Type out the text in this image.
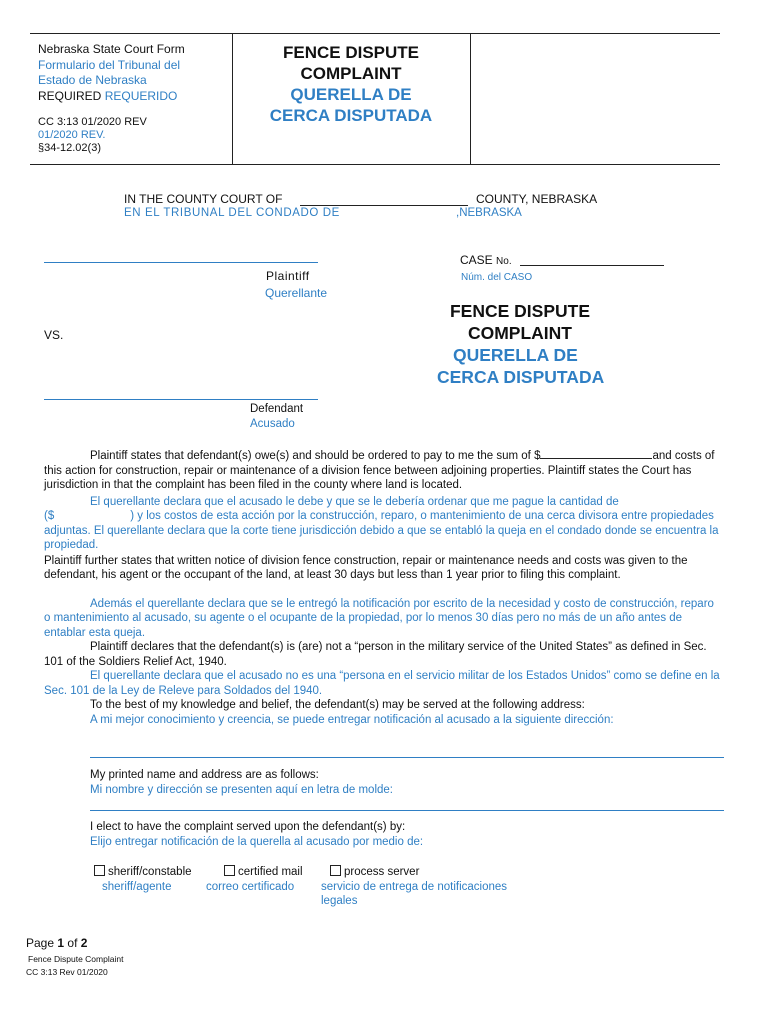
Nebraska State Court Form
Formulario del Tribunal del
Estado de Nebraska
REQUIRED REQUERIDO
CC 3:13 01/2020 REV
01/2020 REV.
§34-12.02(3)
FENCE DISPUTE
COMPLAINT
QUERELLA DE
CERCA DISPUTADA
IN THE COUNTY COURT OF	COUNTY, NEBRASKA
EN EL TRIBUNAL DEL CONDADO DE	,NEBRASKA
Plaintiff
Querellante
CASE No.
Núm. del CASO
VS.
FENCE DISPUTE
COMPLAINT
QUERELLA DE
CERCA DISPUTADA
Defendant
Acusado

Plaintiff states that defendant(s) owe(s) and should be ordered to pay to me the sum of $	and costs of this action for construction, repair or maintenance of a division fence between adjoining properties. Plaintiff states the Court has jurisdiction in that the complaint has been filed in the county where land is located.

El querellante declara que el acusado le debe y que se le debería ordenar que me pague la cantidad de

($	) y los costos de esta acción por la construcción, reparo, o mantenimiento de una cerca divisora entre propiedades adjuntas. El querellante declara que la corte tiene jurisdicción debido a que se entabló la queja en el condado donde se encuentra la propiedad.

Plaintiff further states that written notice of division fence construction, repair or maintenance needs and costs was given to the defendant, his agent or the occupant of the land, at least 30 days but less than 1 year prior to filing this complaint.

Además el querellante declara que se le entregó la notificación por escrito de la necesidad y costo de construcción, reparo o mantenimiento al acusado, su agente o el ocupante de la propiedad, por lo menos 30 días pero no más de un año antes de entablar esta queja.

Plaintiff declares that the defendant(s) is (are) not a “person in the military service of the United States” as defined in Sec. 101 of the Soldiers Relief Act, 1940.

El querellante declara que el acusado no es una “persona en el servicio militar de los Estados Unidos” como se define en la Sec. 101 de la Ley de Releve para Soldados del 1940.

To the best of my knowledge and belief, the defendant(s) may be served at the following address:

A mi mejor conocimiento y creencia, se puede entregar notificación al acusado a la siguiente dirección:

My printed name and address are as follows:
Mi nombre y dirección se presenten aquí en letra de molde:
I elect to have the complaint served upon the defendant(s) by:
Elijo entregar notificación de la querella al acusado por medio de:
sheriff/constable
sheriff/agente
certified mail
correo certificado
process server
servicio de entrega de notificaciones legales
Page 1 of 2
Fence Dispute Complaint
CC 3:13 Rev 01/2020
